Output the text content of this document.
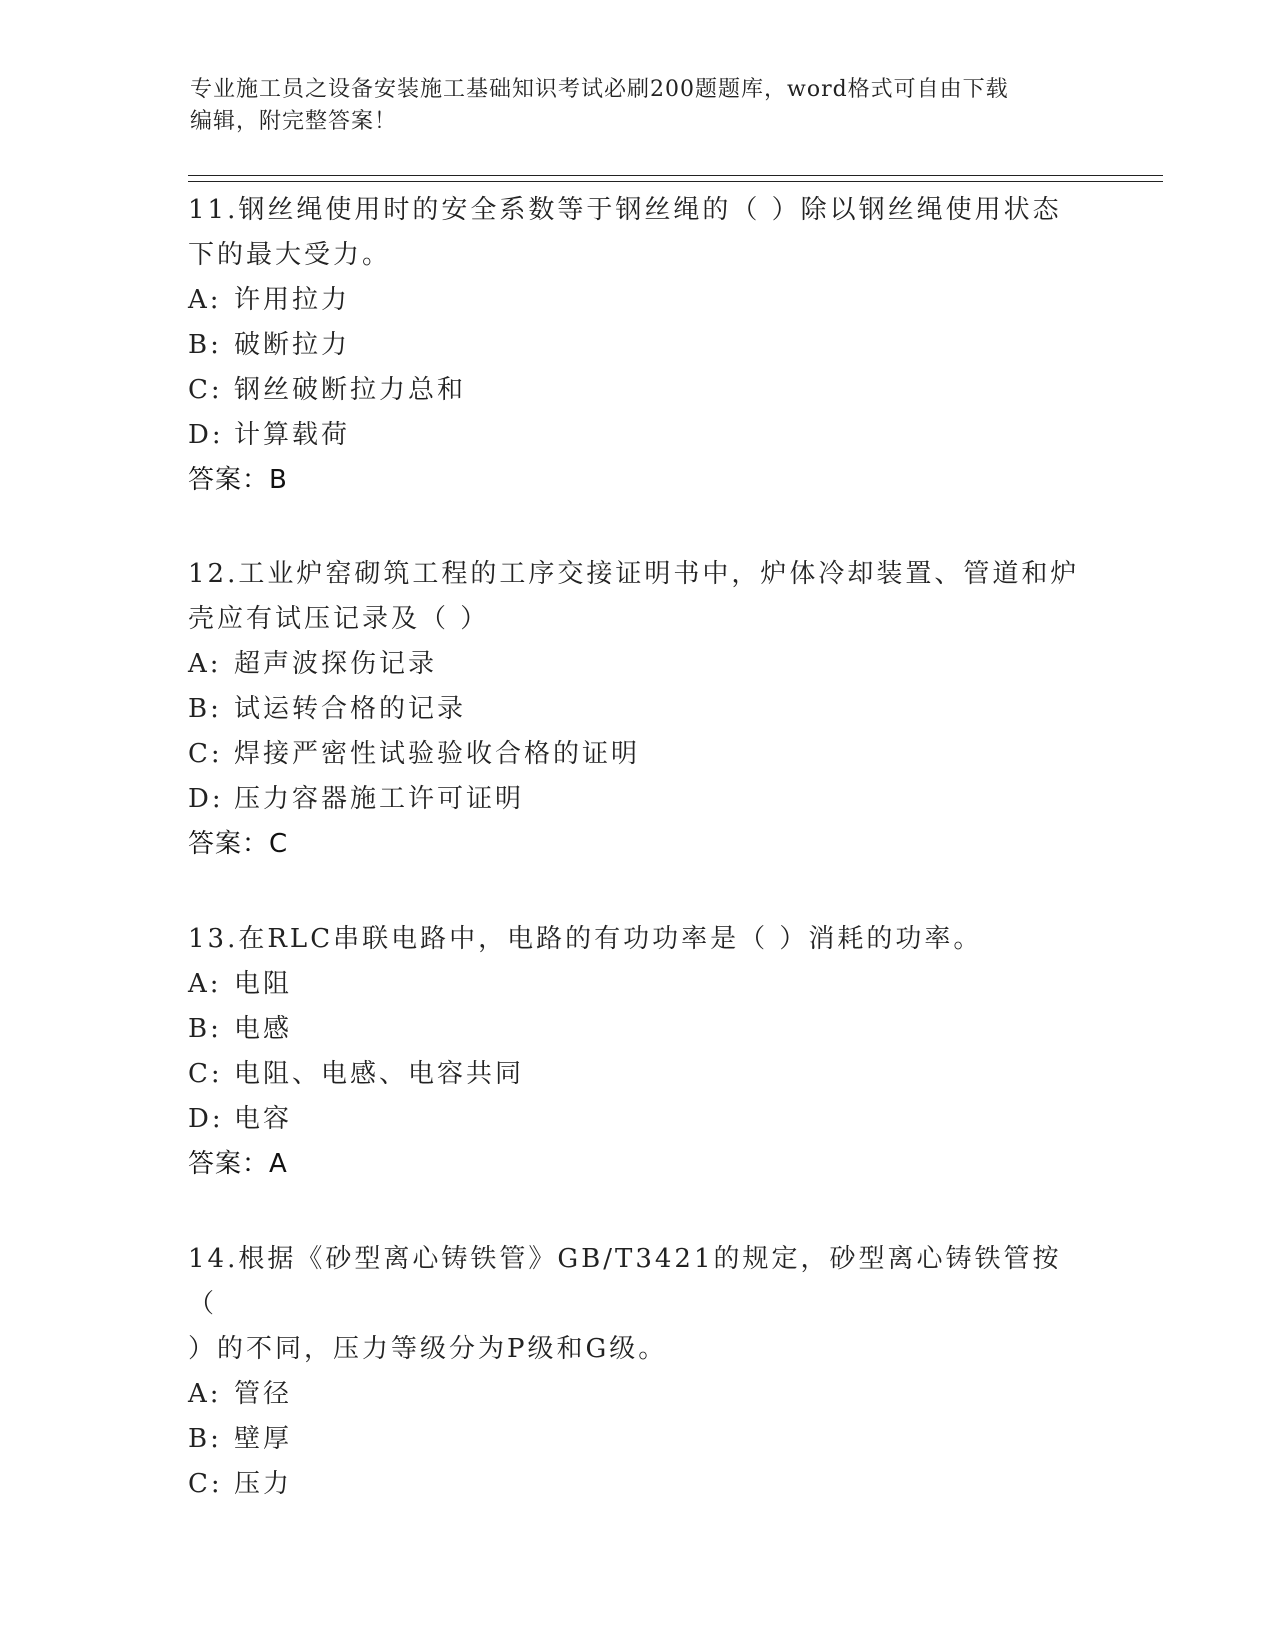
专业施工员之设备安装施工基础知识考试必刷200题题库，word格式可自由下载
编辑，附完整答案！

11.钢丝绳使用时的安全系数等于钢丝绳的（ ）除以钢丝绳使用状态

下的最大受力。

A: 许用拉力

B: 破断拉力

C: 钢丝破断拉力总和

D: 计算载荷

答案：B

12.工业炉窑砌筑工程的工序交接证明书中，炉体冷却装置、管道和炉

壳应有试压记录及（ ）

A: 超声波探伤记录

B: 试运转合格的记录

C: 焊接严密性试验验收合格的证明

D: 压力容器施工许可证明

答案：C

13.在RLC串联电路中，电路的有功功率是（ ）消耗的功率。

A: 电阻

B: 电感

C: 电阻、电感、电容共同

D: 电容

答案：A

14.根据《砂型离心铸铁管》GB/T3421的规定，砂型离心铸铁管按（

）的不同，压力等级分为P级和G级。

A: 管径

B: 壁厚

C: 压力
